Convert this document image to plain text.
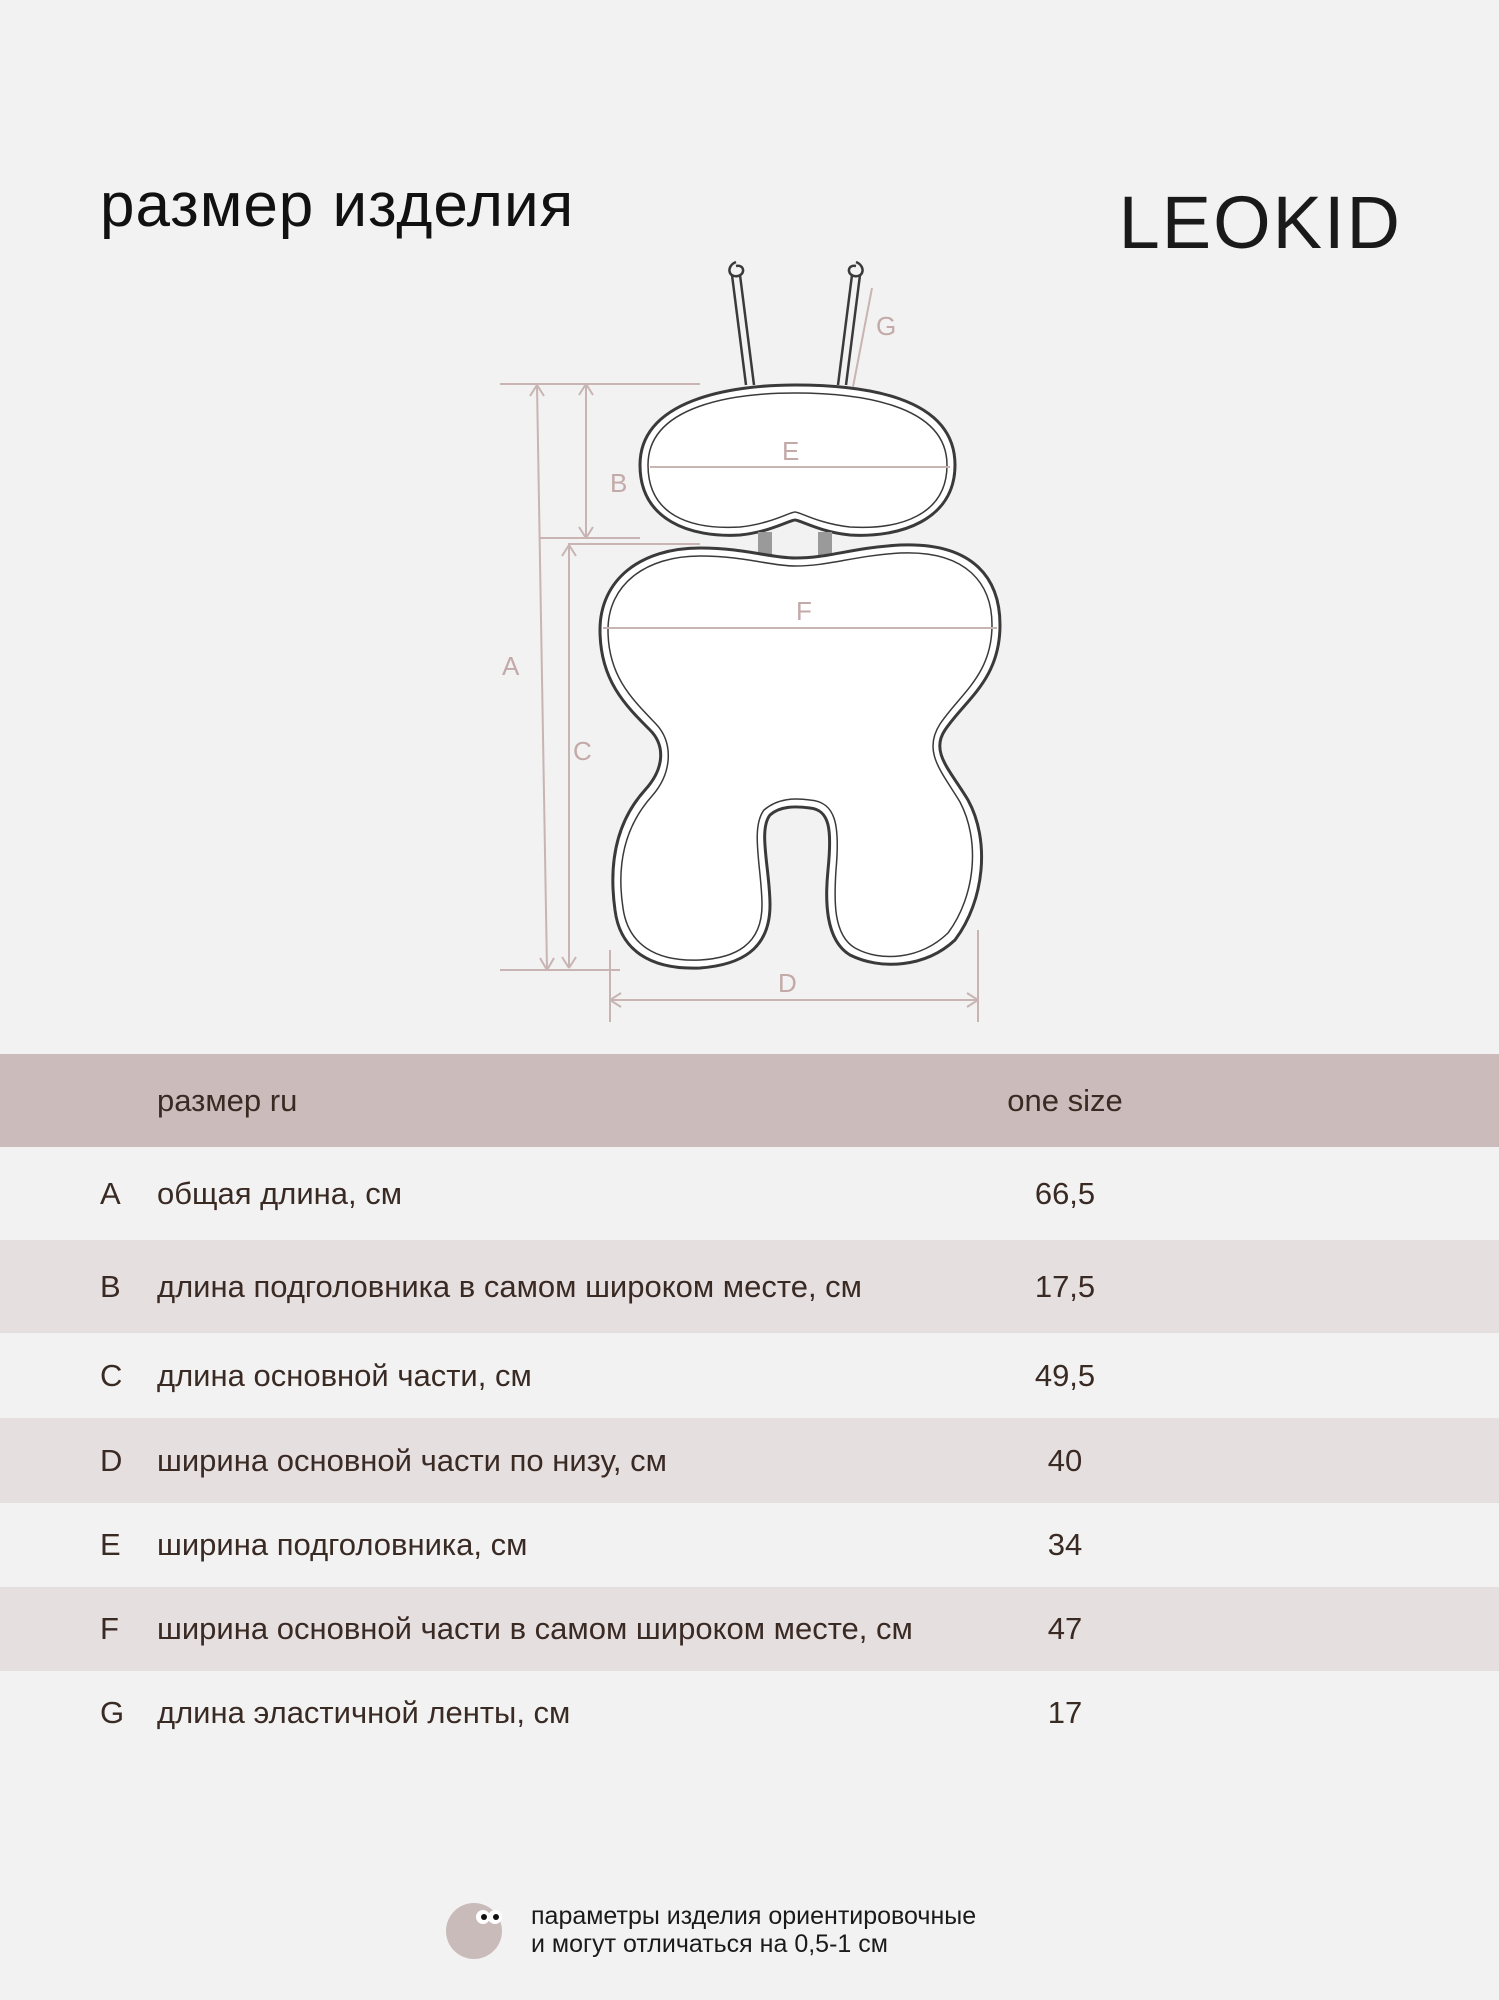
размер изделия	LEOKID
A
B
C
D
E
F
G
размер ru	one size
A общая длина, см	66,5
B длина подголовника в самом широком месте, см	17,5
C длина основной части, см	49,5
D ширина основной части по низу, см	40
E ширина подголовника, см	34
F ширина основной части в самом широком месте, см	47
G длина эластичной ленты, см	17
параметры изделия ориентировочные
и могут отличаться на 0,5-1 см
